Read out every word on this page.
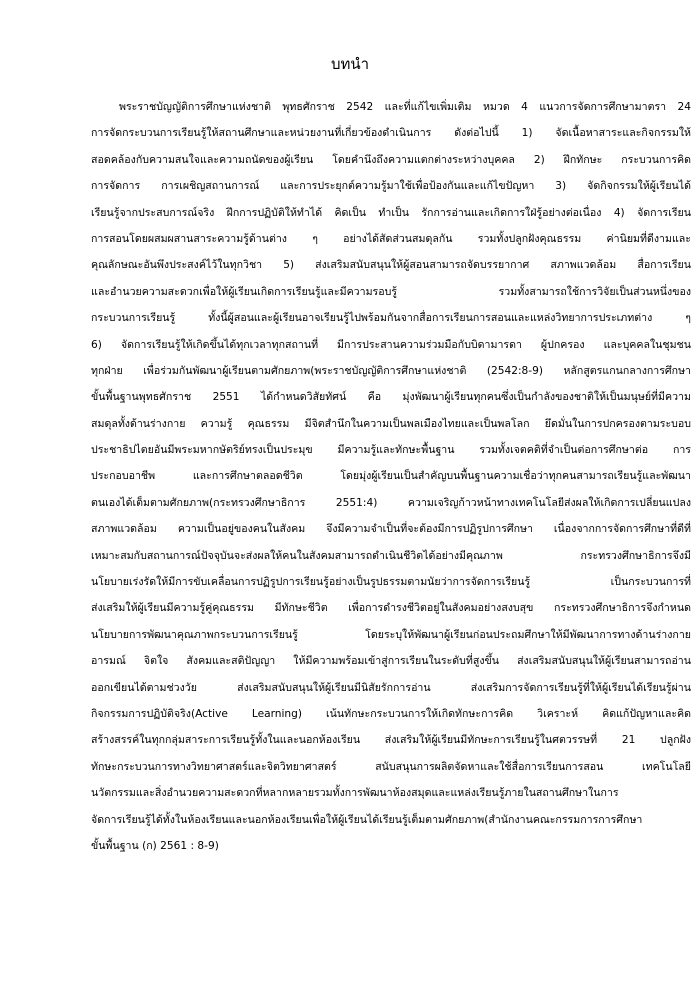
บทนำ
พระราชบัญญัติการศึกษาแห่งชาติ พุทธศักราช 2542 และที่แก้ไขเพิ่มเติม หมวด 4 แนวการจัดการศึกษามาตรา 24
การจัดกระบวนการเรียนรู้ให้สถานศึกษาและหน่วยงานที่เกี่ยวข้องดำเนินการ ดังต่อไปนี้ 1) จัดเนื้อหาสาระและกิจกรรมให้
สอดคล้องกับความสนใจและความถนัดของผู้เรียน โดยคำนึงถึงความแตกต่างระหว่างบุคคล 2) ฝึกทักษะ กระบวนการคิด
การจัดการ การเผชิญสถานการณ์ และการประยุกต์ความรู้มาใช้เพื่อป้องกันและแก้ไขปัญหา 3) จัดกิจกรรมให้ผู้เรียนได้
เรียนรู้จากประสบการณ์จริง ฝึกการปฏิบัติให้ทำได้ คิดเป็น ทำเป็น รักการอ่านและเกิดการใฝ่รู้อย่างต่อเนื่อง 4) จัดการเรียน
การสอนโดยผสมผสานสาระความรู้ด้านต่าง ๆ อย่างได้สัดส่วนสมดุลกัน รวมทั้งปลูกฝังคุณธรรม ค่านิยมที่ดีงามและ
คุณลักษณะอันพึงประสงค์ไว้ในทุกวิชา 5) ส่งเสริมสนับสนุนให้ผู้สอนสามารถจัดบรรยากาศ สภาพแวดล้อม สื่อการเรียน
และอำนวยความสะดวกเพื่อให้ผู้เรียนเกิดการเรียนรู้และมีความรอบรู้ รวมทั้งสามารถใช้การวิจัยเป็นส่วนหนึ่งของ
กระบวนการเรียนรู้ ทั้งนี้ผู้สอนและผู้เรียนอาจเรียนรู้ไปพร้อมกันจากสื่อการเรียนการสอนและแหล่งวิทยาการประเภทต่าง ๆ
6) จัดการเรียนรู้ให้เกิดขึ้นได้ทุกเวลาทุกสถานที่ มีการประสานความร่วมมือกับบิดามารดา ผู้ปกครอง และบุคคลในชุมชน
ทุกฝ่าย เพื่อร่วมกันพัฒนาผู้เรียนตามศักยภาพ(พระราชบัญญัติการศึกษาแห่งชาติ (2542:8-9) หลักสูตรแกนกลางการศึกษา
ขั้นพื้นฐานพุทธศักราช 2551 ได้กำหนดวิสัยทัศน์ คือ มุ่งพัฒนาผู้เรียนทุกคนซึ่งเป็นกำลังของชาติให้เป็นมนุษย์ที่มีความ
สมดุลทั้งด้านร่างกาย ความรู้ คุณธรรม มีจิตสำนึกในความเป็นพลเมืองไทยและเป็นพลโลก ยึดมั่นในการปกครองตามระบอบ
ประชาธิปไตยอันมีพระมหากษัตริย์ทรงเป็นประมุข มีความรู้และทักษะพื้นฐาน รวมทั้งเจตคติที่จำเป็นต่อการศึกษาต่อ การ
ประกอบอาชีพ และการศึกษาตลอดชีวิต โดยมุ่งผู้เรียนเป็นสำคัญบนพื้นฐานความเชื่อว่าทุกคนสามารถเรียนรู้และพัฒนา
ตนเองได้เต็มตามศักยภาพ(กระทรวงศึกษาธิการ 2551:4) ความเจริญก้าวหน้าทางเทคโนโลยีส่งผลให้เกิดการเปลี่ยนแปลง
สภาพแวดล้อม ความเป็นอยู่ของคนในสังคม จึงมีความจำเป็นที่จะต้องมีการปฏิรูปการศึกษา เนื่องจากการจัดการศึกษาที่ดีที่
เหมาะสมกับสถานการณ์ปัจจุบันจะส่งผลให้คนในสังคมสามารถดำเนินชีวิตได้อย่างมีคุณภาพ กระทรวงศึกษาธิการจึงมี
นโยบายเร่งรัดให้มีการขับเคลื่อนการปฏิรูปการเรียนรู้อย่างเป็นรูปธรรมตามนัยว่าการจัดการเรียนรู้ เป็นกระบวนการที่
ส่งเสริมให้ผู้เรียนมีความรู้คู่คุณธรรม มีทักษะชีวิต เพื่อการดำรงชีวิตอยู่ในสังคมอย่างสงบสุข กระทรวงศึกษาธิการจึงกำหนด
นโยบายการพัฒนาคุณภาพกระบวนการเรียนรู้ โดยระบุให้พัฒนาผู้เรียนก่อนประถมศึกษาให้มีพัฒนาการทางด้านร่างกาย
อารมณ์ จิตใจ สังคมและสติปัญญา ให้มีความพร้อมเข้าสู่การเรียนในระดับที่สูงขึ้น ส่งเสริมสนับสนุนให้ผู้เรียนสามารถอ่าน
ออกเขียนได้ตามช่วงวัย ส่งเสริมสนับสนุนให้ผู้เรียนมีนิสัยรักการอ่าน ส่งเสริมการจัดการเรียนรู้ที่ให้ผู้เรียนได้เรียนรู้ผ่าน
กิจกรรมการปฏิบัติจริง(Active Learning) เน้นทักษะกระบวนการให้เกิดทักษะการคิด วิเคราะห์ คิดแก้ปัญหาและคิด
สร้างสรรค์ในทุกกลุ่มสาระการเรียนรู้ทั้งในและนอกห้องเรียน ส่งเสริมให้ผู้เรียนมีทักษะการเรียนรู้ในศตวรรษที่ 21 ปลูกฝัง
ทักษะกระบวนการทางวิทยาศาสตร์และจิตวิทยาศาสตร์ สนับสนุนการผลิตจัดหาและใช้สื่อการเรียนการสอน เทคโนโลยี
นวัตกรรมและสิ่งอำนวยความสะดวกที่หลากหลายรวมทั้งการพัฒนาห้องสมุดและแหล่งเรียนรู้ภายในสถานศึกษาในการ
จัดการเรียนรู้ได้ทั้งในห้องเรียนและนอกห้องเรียนเพื่อให้ผู้เรียนได้เรียนรู้เต็มตามศักยภาพ(สำนักงานคณะกรรมการการศึกษา
ขั้นพื้นฐาน (ก) 2561 : 8-9)
